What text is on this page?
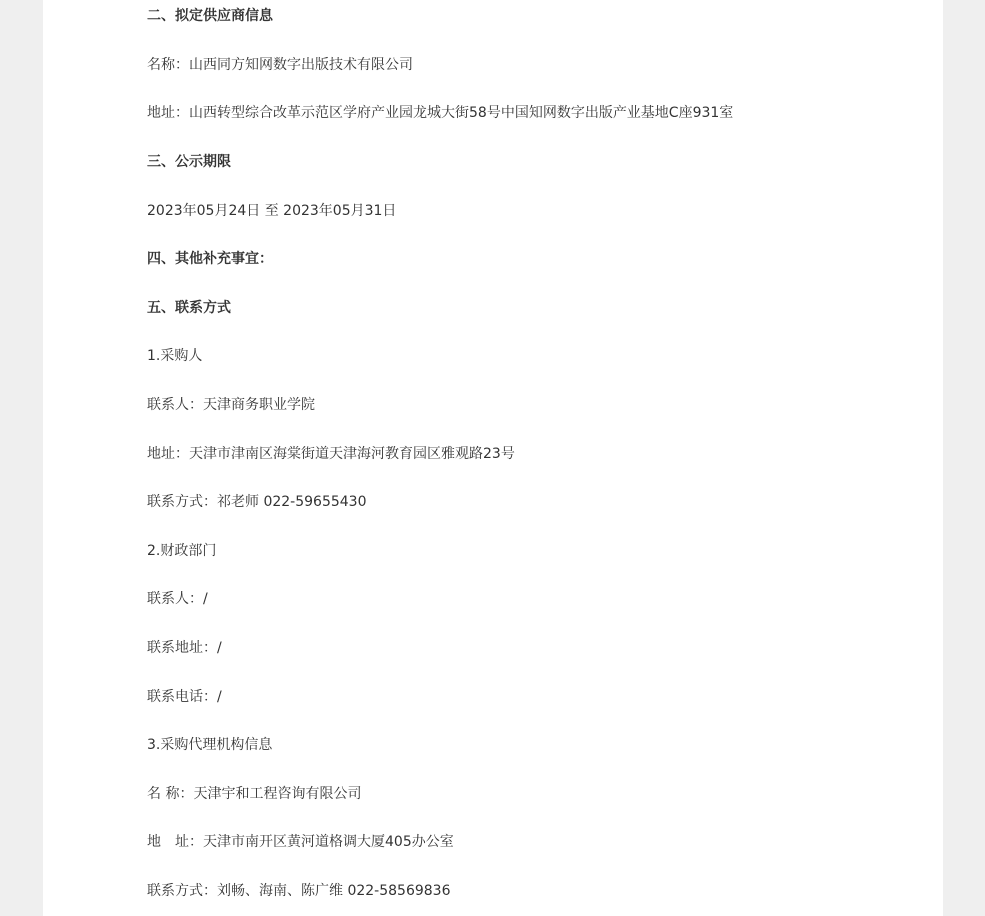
二、拟定供应商信息
名称：山西同方知网数字出版技术有限公司
地址：山西转型综合改革示范区学府产业园龙城大街58号中国知网数字出版产业基地C座931室
三、公示期限
2023年05月24日 至 2023年05月31日
四、其他补充事宜：
五、联系方式
1.采购人
联系人：天津商务职业学院
地址：天津市津南区海棠街道天津海河教育园区雅观路23号
联系方式：祁老师 022-59655430
2.财政部门
联系人：/
联系地址：/
联系电话：/
3.采购代理机构信息
名 称：天津宇和工程咨询有限公司
地　址：天津市南开区黄河道格调大厦405办公室
联系方式：刘畅、海南、陈广维 022-58569836
